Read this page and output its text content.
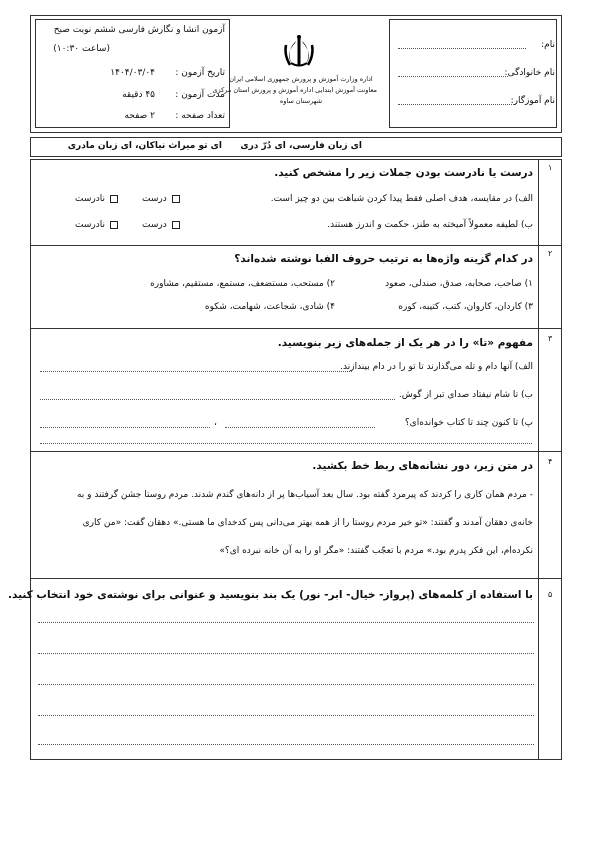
نام:
نام خانوادگی:
نام آموزگار:
اداره وزارت آموزش و پرورش جمهوری اسلامی ایران
معاونت آموزش ابتدایی اداره آموزش و پرورش استان مرکزی
شهرستان ساوه
آزمون انشا و نگارش فارسی ششم نوبت صبح
(ساعت ۱۰:۳۰)
تاریخ آزمون :
۱۴۰۴/۰۳/۰۴
مدت آزمون :
۴۵ دقیقه
تعداد صفحه :
۲ صفحه
ای زبان فارسی، ای دُرّ دری
ای تو میراث نیاکان، ای زبان مادری
۱
درست یا نادرست بودن جملات زیر را مشخص کنید.
الف) در مقایسه، هدف اصلی فقط پیدا کردن شباهت بین دو چیز است.
ب) لطیفه معمولاً آمیخته به طنز، حکمت و اندرز هستند.
درست
نادرست
درست
نادرست
۲
در کدام گزینه واژه‌ها به ترتیب حروف الفبا نوشته شده‌اند؟
۱) صاحب، صحابه، صدق، صندلی، صعود
۲) مستحب، مستضعف، مستمع، مستقیم، مشاوره
۳) کاردان، کاروان، کتب، کتیبه، کوره
۴) شادی، شجاعت، شهامت، شکوه
۳
مفهوم «تا» را در هر یک از جمله‌های زیر بنویسید.
الف) آنها دام و تله می‌گذارند تا تو را در دام بیندازند.
ب) تا شام نیفتاد صدای تبر از گوش.
پ) تا کنون چند تا کتاب خوانده‌ای؟
،
۴
در متن زیر، دور نشانه‌های ربط خط بکشید.
- مردم همان کاری را کردند که پیرمرد گفته بود. سال بعد آسیاب‌ها پر از دانه‌های گندم شدند. مردم روستا جشن گرفتند و به
خانه‌ی دهقان آمدند و گفتند: «تو خیر مردم روستا را از همه بهتر می‌دانی پس کدخدای ما هستی.» دهقان گفت: «من کاری
نکرده‌ام، این فکر پدرم بود.» مردم با تعجّب گفتند: «مگر او را به آن خانه نبرده ای؟»
۵
با استفاده از کلمه‌های (پرواز- خیال- ابر- نور) یک بند بنویسید و عنوانی برای نوشته‌ی خود انتخاب کنید.
